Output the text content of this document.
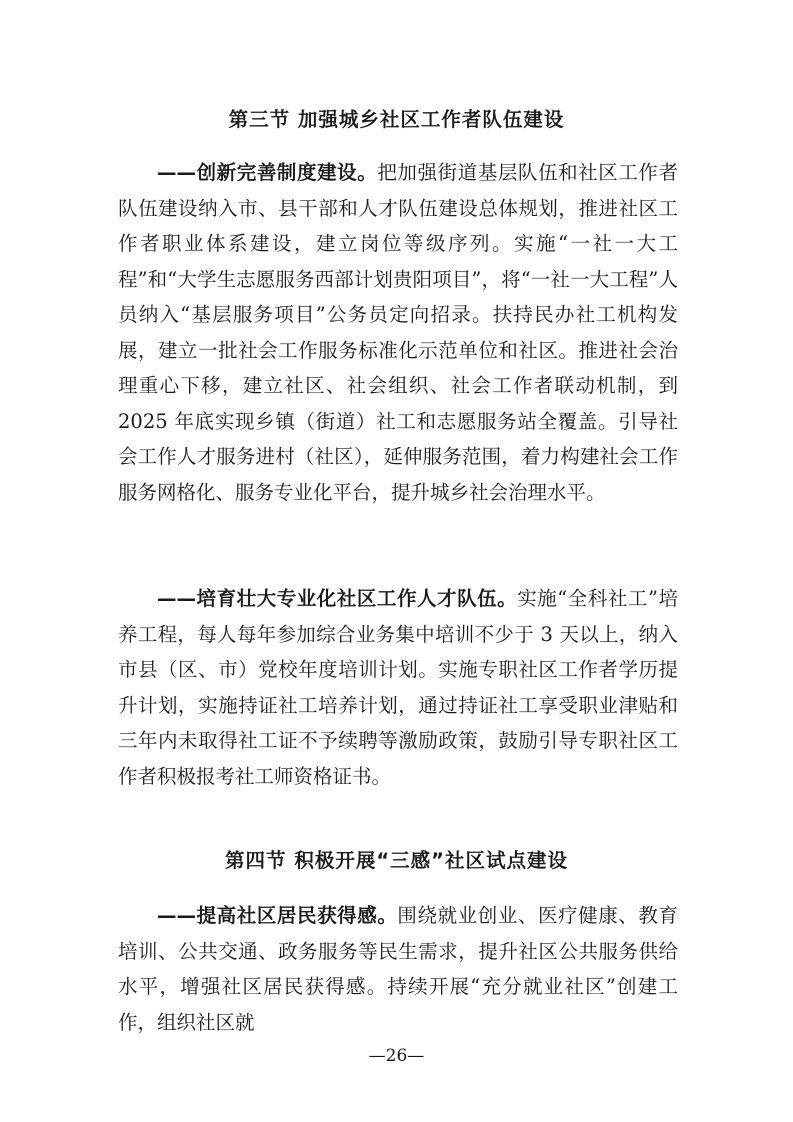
第三节 加强城乡社区工作者队伍建设

——创新完善制度建设。把加强街道基层队伍和社区工作者队伍建设纳入市、县干部和人才队伍建设总体规划，推进社区工作者职业体系建设，建立岗位等级序列。实施“一社一大工程”和“大学生志愿服务西部计划贵阳项目”，将“一社一大工程”人员纳入“基层服务项目”公务员定向招录。扶持民办社工机构发展，建立一批社会工作服务标准化示范单位和社区。推进社会治理重心下移，建立社区、社会组织、社会工作者联动机制，到 2025 年底实现乡镇（街道）社工和志愿服务站全覆盖。引导社会工作人才服务进村（社区），延伸服务范围，着力构建社会工作服务网格化、服务专业化平台，提升城乡社会治理水平。

——培育壮大专业化社区工作人才队伍。实施“全科社工”培养工程，每人每年参加综合业务集中培训不少于 3 天以上，纳入市县（区、市）党校年度培训计划。实施专职社区工作者学历提升计划，实施持证社工培养计划，通过持证社工享受职业津贴和三年内未取得社工证不予续聘等激励政策，鼓励引导专职社区工作者积极报考社工师资格证书。

第四节 积极开展“三感”社区试点建设

——提高社区居民获得感。围绕就业创业、医疗健康、教育培训、公共交通、政务服务等民生需求，提升社区公共服务供给水平，增强社区居民获得感。持续开展“充分就业社区”创建工作，组织社区就

—26—
